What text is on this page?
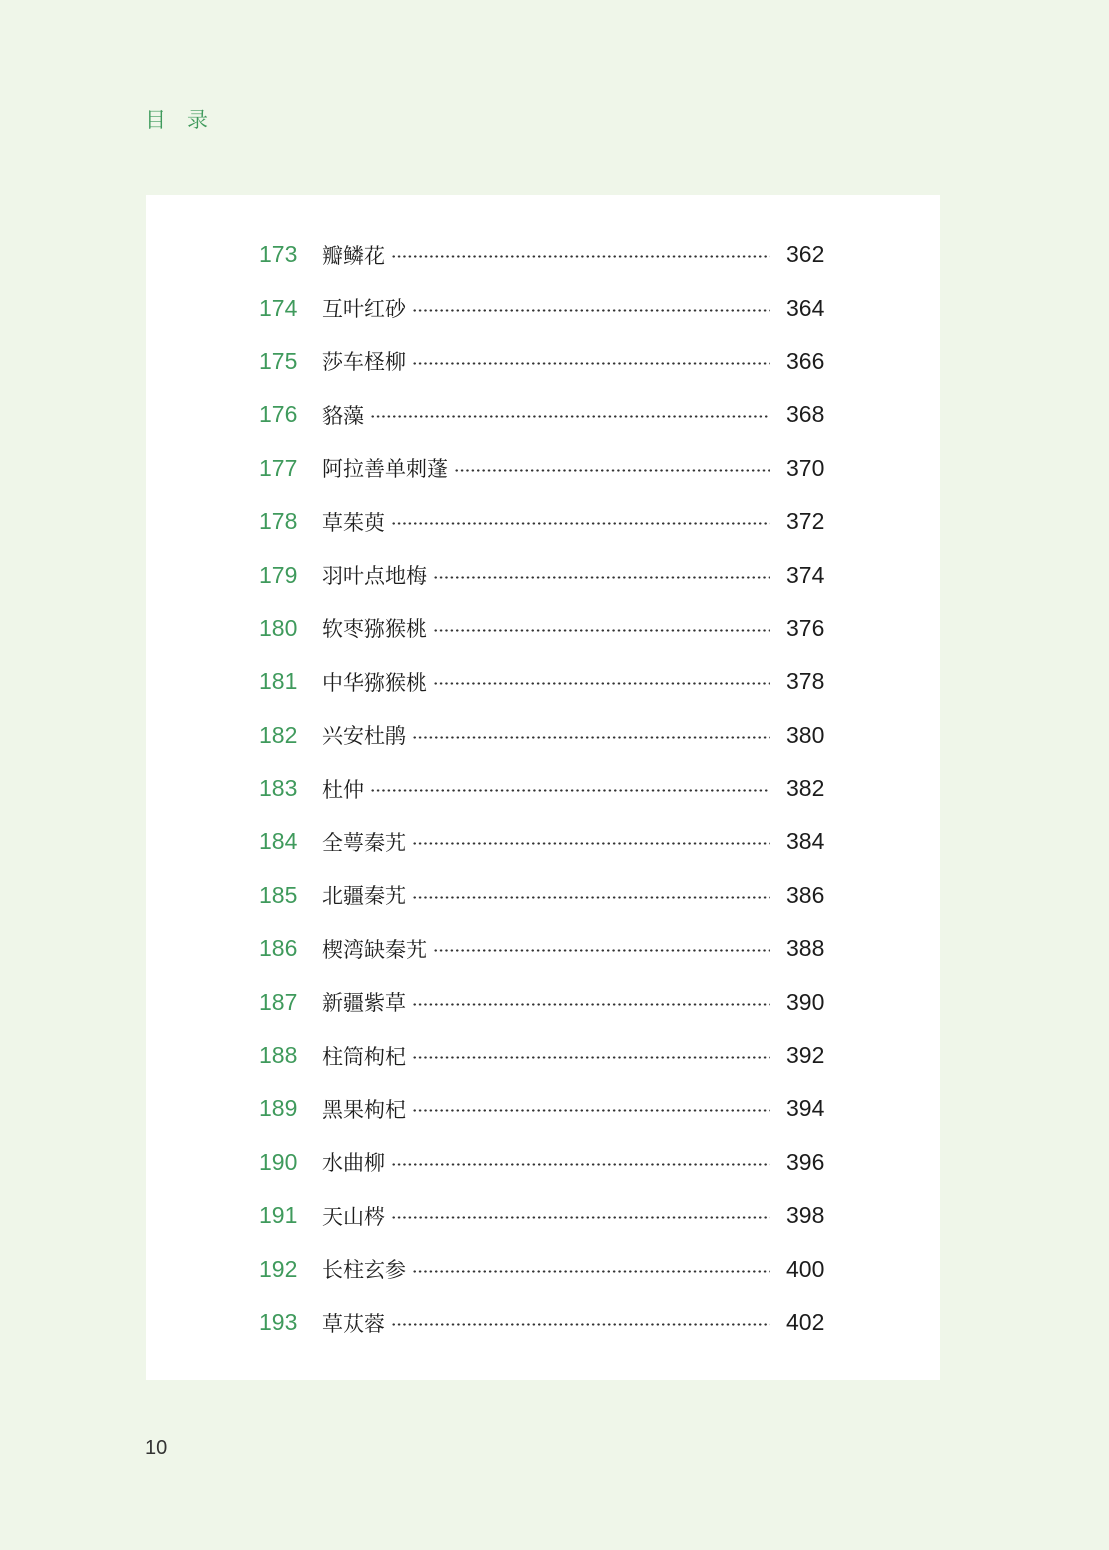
目　录
173	瓣鳞花	362
174	互叶红砂	364
175	莎车柽柳	366
176	貉藻	368
177	阿拉善单刺蓬	370
178	草茱萸	372
179	羽叶点地梅	374
180	软枣猕猴桃	376
181	中华猕猴桃	378
182	兴安杜鹃	380
183	杜仲	382
184	全萼秦艽	384
185	北疆秦艽	386
186	楔湾缺秦艽	388
187	新疆紫草	390
188	柱筒枸杞	392
189	黑果枸杞	394
190	水曲柳	396
191	天山梣	398
192	长柱玄参	400
193	草苁蓉	402
10
